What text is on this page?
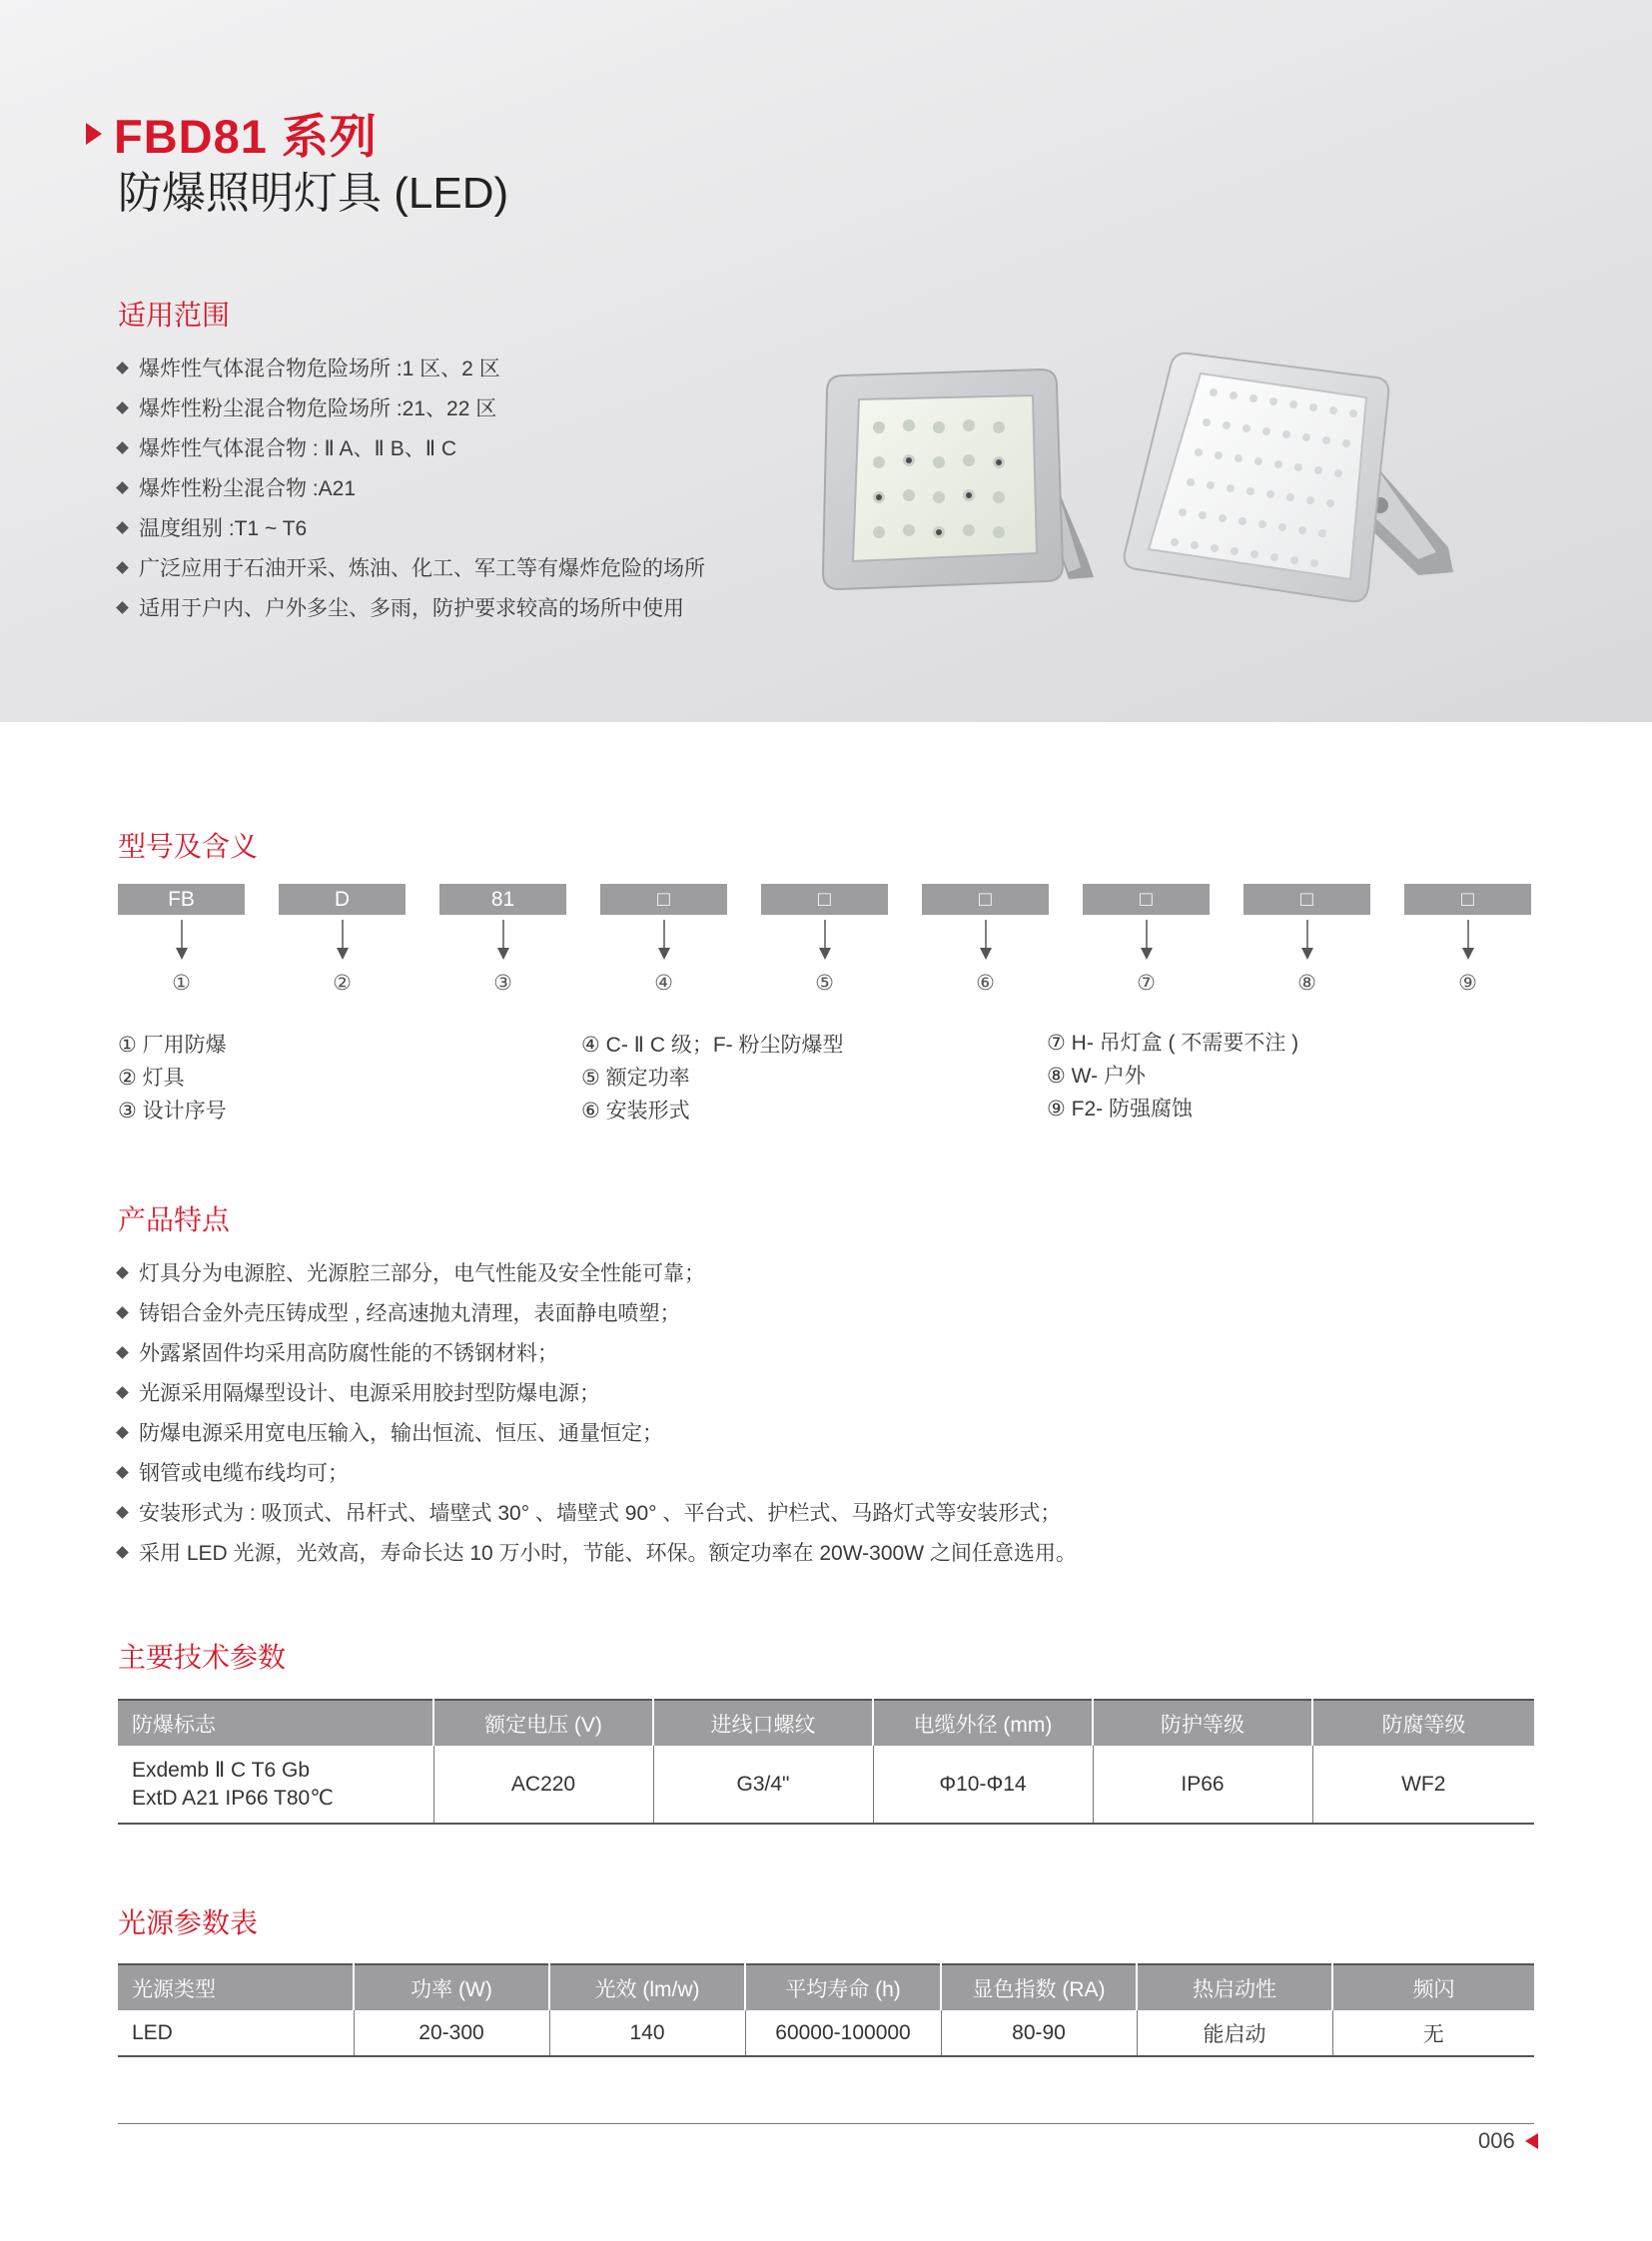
FBD81 系列
防爆照明灯具 (LED)
适用范围
爆炸性气体混合物危险场所 :1 区、2 区
爆炸性粉尘混合物危险场所 :21、22 区
爆炸性气体混合物 : Ⅱ A、Ⅱ B、Ⅱ C
爆炸性粉尘混合物 :A21
温度组别 :T1 ~ T6
广泛应用于石油开采、炼油、化工、军工等有爆炸危险的场所
适用于户内、户外多尘、多雨，防护要求较高的场所中使用
型号及含义
FB	D	81	□	□	□	□	□	□
①	②	③	④	⑤	⑥	⑦	⑧	⑨
① 厂用防爆
② 灯具
③ 设计序号
④ C- Ⅱ C 级；F- 粉尘防爆型
⑤ 额定功率
⑥ 安装形式
⑦ H- 吊灯盒 ( 不需要不注 )
⑧ W- 户外
⑨ F2- 防强腐蚀
产品特点
灯具分为电源腔、光源腔三部分，电气性能及安全性能可靠；
铸铝合金外壳压铸成型 , 经高速抛丸清理，表面静电喷塑；
外露紧固件均采用高防腐性能的不锈钢材料；
光源采用隔爆型设计、电源采用胶封型防爆电源；
防爆电源采用宽电压输入，输出恒流、恒压、通量恒定；
钢管或电缆布线均可；
安装形式为 : 吸顶式、吊杆式、墙壁式 30° 、墙壁式 90° 、平台式、护栏式、马路灯式等安装形式；
采用 LED 光源，光效高，寿命长达 10 万小时，节能、环保。额定功率在 20W-300W 之间任意选用。
主要技术参数
防爆标志	额定电压 (V)	进线口螺纹	电缆外径 (mm)	防护等级	防腐等级

Exdemb Ⅱ C T6 Gb
ExtD A21 IP66 T80℃	AC220	G3/4"	Φ10-Φ14	IP66	WF2
光源参数表
光源类型	功率 (W)	光效 (lm/w)	平均寿命 (h)	显色指数 (RA)	热启动性	频闪
LED	20-300	140	60000-100000	80-90	能启动	无
006
